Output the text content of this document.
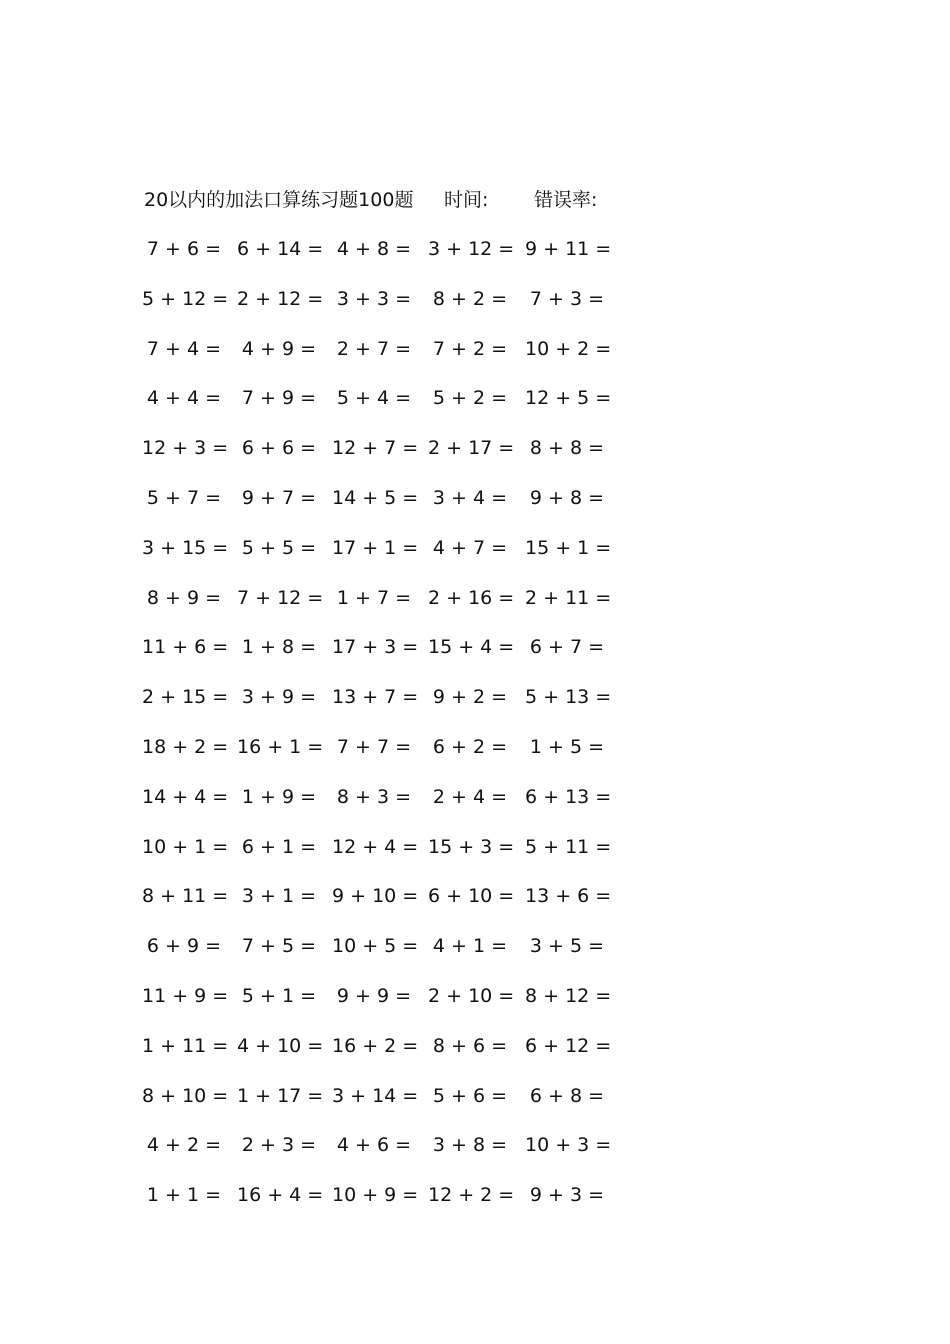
20以内的加法口算练习题100题 时间: 错误率:
7 + 6 = 6 + 14 = 4 + 8 = 3 + 12 = 9 + 11 =
5 + 12 = 2 + 12 = 3 + 3 = 8 + 2 = 7 + 3 =
7 + 4 = 4 + 9 = 2 + 7 = 7 + 2 = 10 + 2 =
4 + 4 = 7 + 9 = 5 + 4 = 5 + 2 = 12 + 5 =
12 + 3 = 6 + 6 = 12 + 7 = 2 + 17 = 8 + 8 =
5 + 7 = 9 + 7 = 14 + 5 = 3 + 4 = 9 + 8 =
3 + 15 = 5 + 5 = 17 + 1 = 4 + 7 = 15 + 1 =
8 + 9 = 7 + 12 = 1 + 7 = 2 + 16 = 2 + 11 =
11 + 6 = 1 + 8 = 17 + 3 = 15 + 4 = 6 + 7 =
2 + 15 = 3 + 9 = 13 + 7 = 9 + 2 = 5 + 13 =
18 + 2 = 16 + 1 = 7 + 7 = 6 + 2 = 1 + 5 =
14 + 4 = 1 + 9 = 8 + 3 = 2 + 4 = 6 + 13 =
10 + 1 = 6 + 1 = 12 + 4 = 15 + 3 = 5 + 11 =
8 + 11 = 3 + 1 = 9 + 10 = 6 + 10 = 13 + 6 =
6 + 9 = 7 + 5 = 10 + 5 = 4 + 1 = 3 + 5 =
11 + 9 = 5 + 1 = 9 + 9 = 2 + 10 = 8 + 12 =
1 + 11 = 4 + 10 = 16 + 2 = 8 + 6 = 6 + 12 =
8 + 10 = 1 + 17 = 3 + 14 = 5 + 6 = 6 + 8 =
4 + 2 = 2 + 3 = 4 + 6 = 3 + 8 = 10 + 3 =
1 + 1 = 16 + 4 = 10 + 9 = 12 + 2 = 9 + 3 =
